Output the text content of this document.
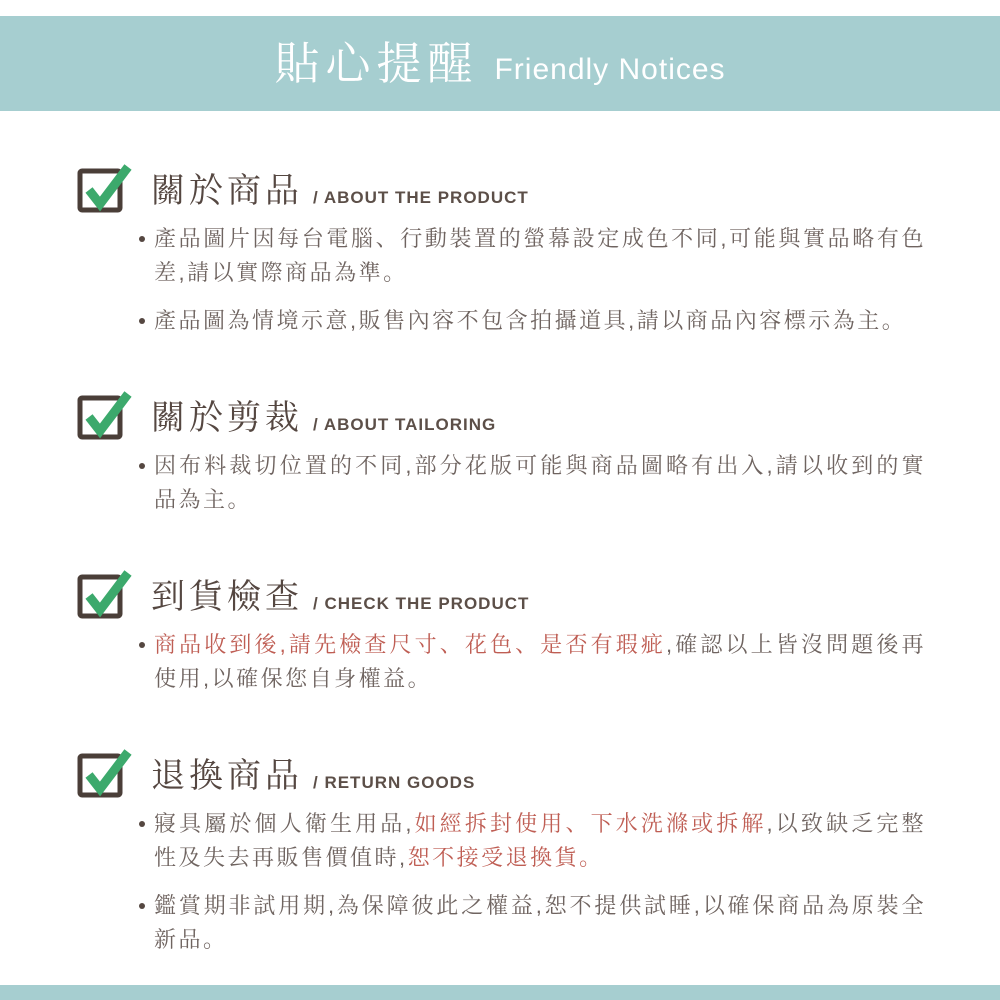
貼心提醒 Friendly Notices
關於商品 / ABOUT THE PRODUCT
產品圖片因每台電腦、行動裝置的螢幕設定成色不同,可能與實品略有色差,請以實際商品為準。
產品圖為情境示意,販售內容不包含拍攝道具,請以商品內容標示為主。
關於剪裁 / ABOUT TAILORING
因布料裁切位置的不同,部分花版可能與商品圖略有出入,請以收到的實品為主。
到貨檢查 / CHECK THE PRODUCT
商品收到後,請先檢查尺寸、花色、是否有瑕疵,確認以上皆沒問題後再使用,以確保您自身權益。
退換商品 / RETURN GOODS
寢具屬於個人衛生用品,如經拆封使用、下水洗滌或拆解,以致缺乏完整性及失去再販售價值時,恕不接受退換貨。
鑑賞期非試用期,為保障彼此之權益,恕不提供試睡,以確保商品為原裝全新品。
